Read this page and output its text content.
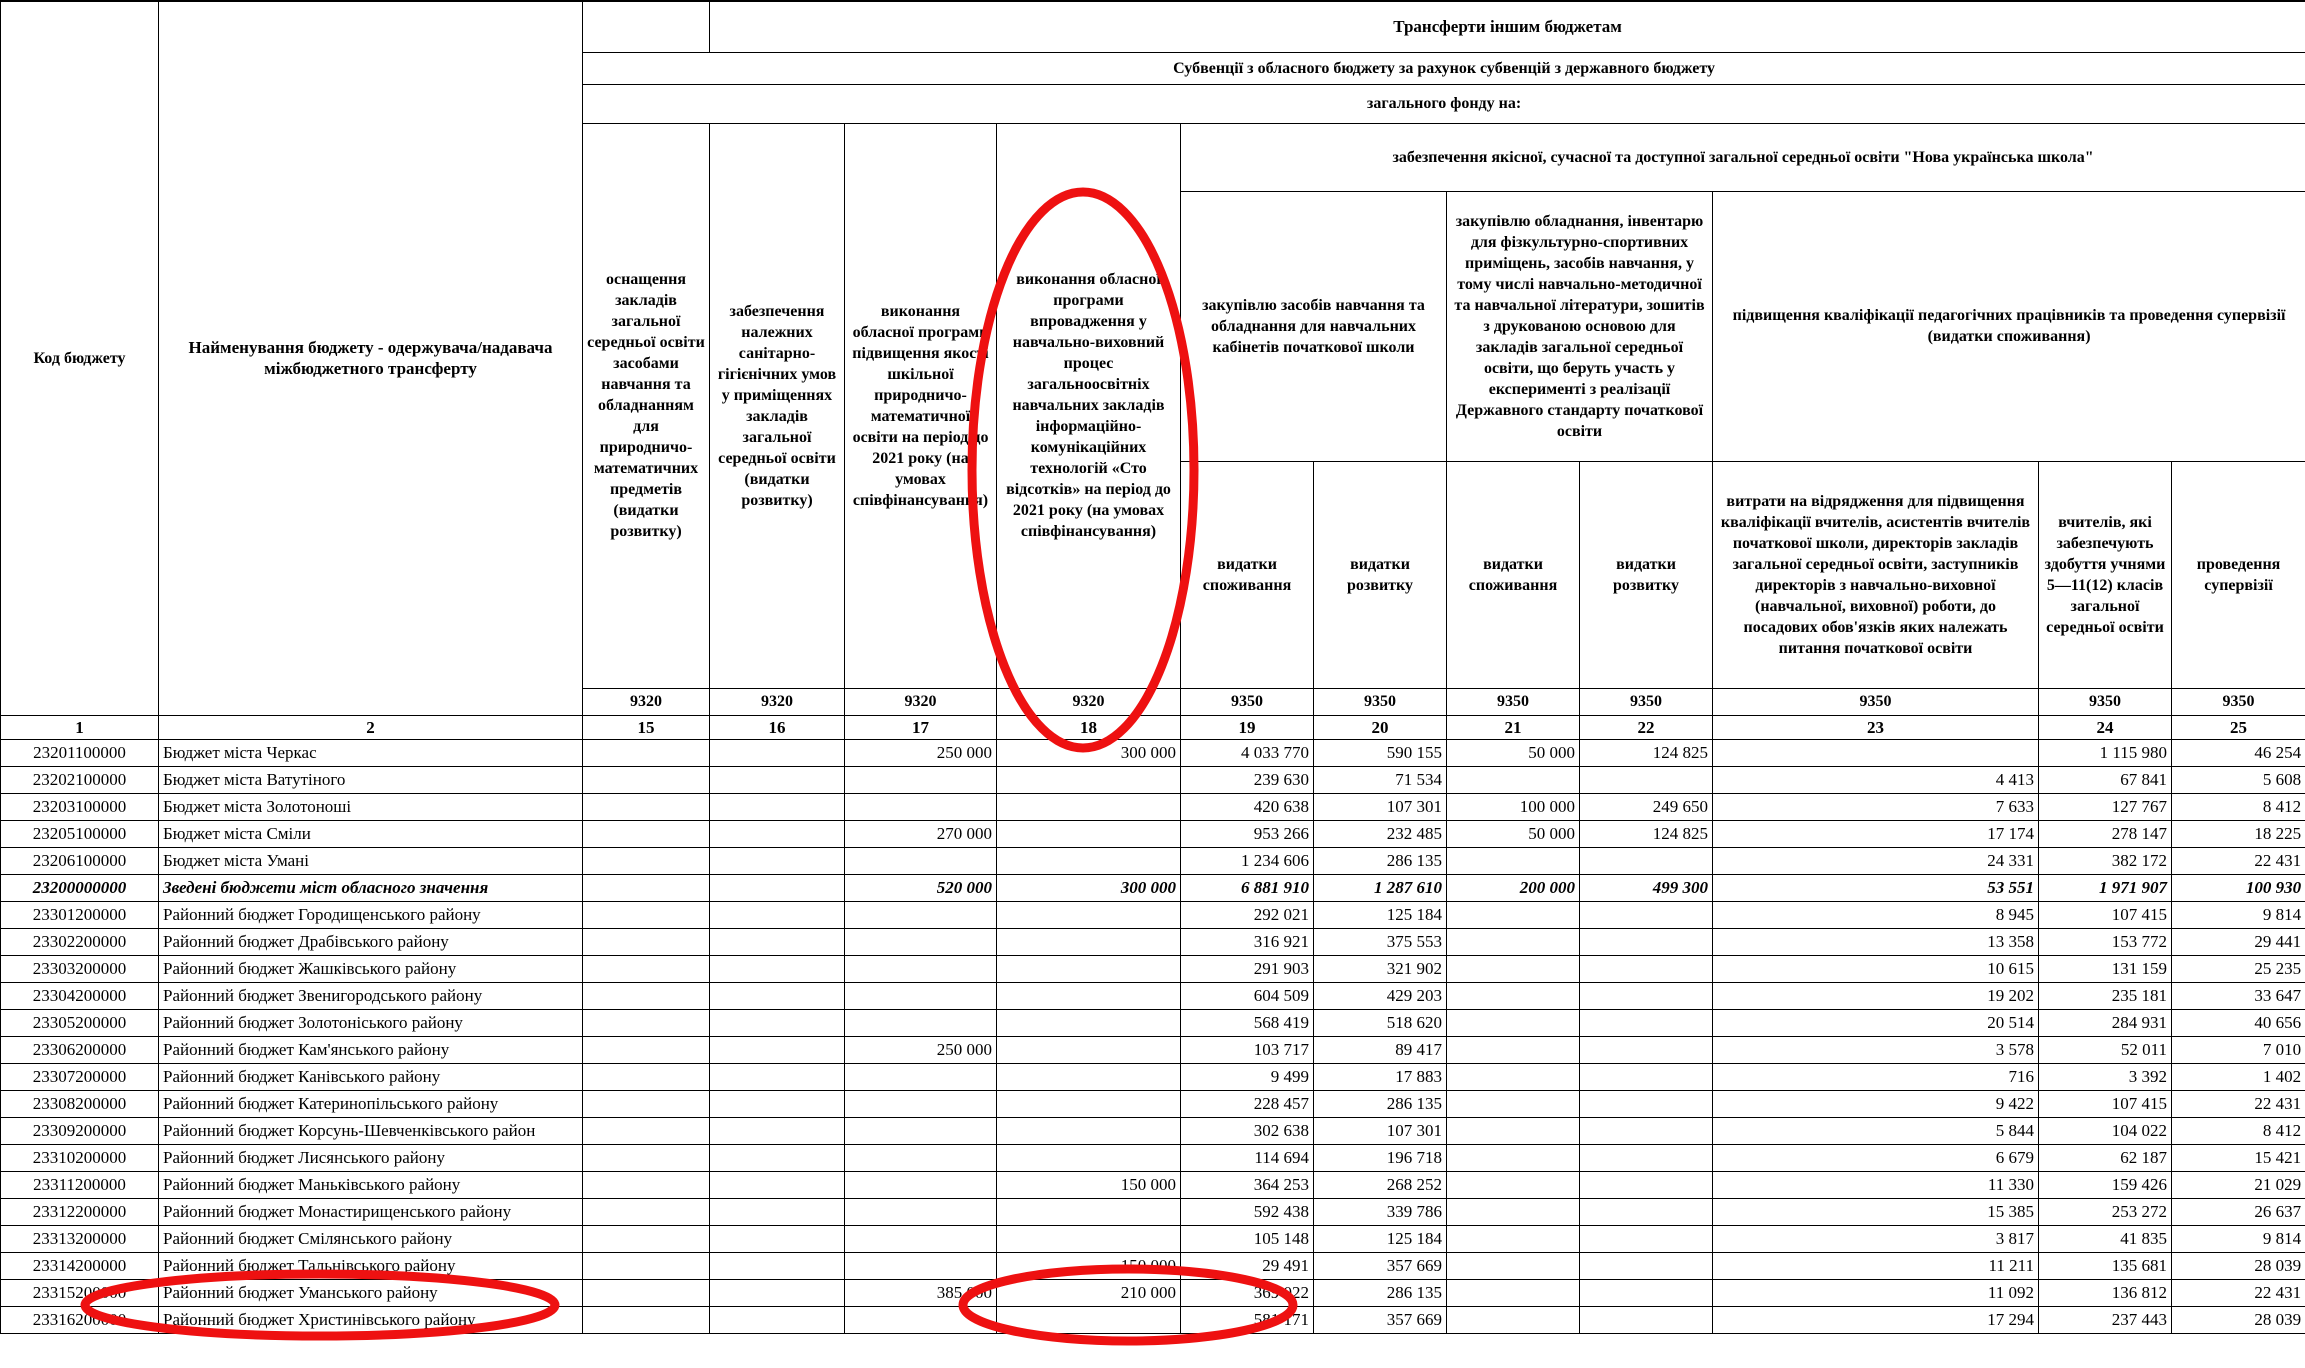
Код бюджету	Найменування бюджету - одержувача/надавача міжбюджетного трансферту		Трансферти іншим бюджетам									
		Субвенції з обласного бюджету за рахунок субвенцій з державного бюджету										
		загального фонду на:										
		оснащення закладів загальної середньої освіти засобами навчання та обладнанням для природничо-математичних предметів (видатки розвитку)	забезпечення належних санітарно-гігієнічних умов у приміщеннях закладів загальної середньої освіти (видатки розвитку)	виконання обласної програми підвищення якості шкільної природничо-математичної освіти на період до 2021 року (на умовах співфінансування)	виконання обласної програми впровадження у навчально-виховний процес загальноосвітніх навчальних закладів інформаційно-комунікаційних технологій «Сто відсотків» на період до 2021 року (на умовах співфінансування)	забезпечення якісної, сучасної та доступної загальної середньої освіти "Нова українська школа"						
						закупівлю засобів навчання та обладнання для навчальних кабінетів початкової школи		закупівлю обладнання, інвентарю для фізкультурно-спортивних приміщень, засобів навчання, у тому числі навчально-методичної та навчальної літератури, зошитів з друкованою основою для закладів загальної середньої освіти, що беруть участь у експерименті з реалізації Державного стандарту початкової освіти		підвищення кваліфікації педагогічних працівників та проведення супервізії (видатки споживання)		
						видатки споживання	видатки розвитку	видатки споживання	видатки розвитку	витрати на відрядження для підвищення кваліфікації вчителів, асистентів вчителів початкової школи, директорів закладів загальної середньої освіти, заступників директорів з навчально-виховної (навчальної, виховної) роботи, до посадових обов'язків яких належать питання початкової освіти	вчителів, які забезпечують здобуття учнями 5—11(12) класів загальної середньої освіти	проведення супервізії
		9320	9320	9320	9320	9350	9350	9350	9350	9350	9350	9350
1	2	15	16	17	18	19	20	21	22	23	24	25
23201100000	Бюджет міста Черкас			250 000	300 000	4 033 770	590 155	50 000	124 825		1 115 980	46 254
23202100000	Бюджет міста Ватутіного					239 630	71 534			4 413	67 841	5 608
23203100000	Бюджет міста Золотоноші					420 638	107 301	100 000	249 650	7 633	127 767	8 412
23205100000	Бюджет міста Сміли			270 000		953 266	232 485	50 000	124 825	17 174	278 147	18 225
23206100000	Бюджет міста Умані					1 234 606	286 135			24 331	382 172	22 431
23200000000	Зведені бюджети міст обласного значення			520 000	300 000	6 881 910	1 287 610	200 000	499 300	53 551	1 971 907	100 930
23301200000	Районний бюджет Городищенського району					292 021	125 184			8 945	107 415	9 814
23302200000	Районний бюджет Драбівського району					316 921	375 553			13 358	153 772	29 441
23303200000	Районний бюджет Жашківського району					291 903	321 902			10 615	131 159	25 235
23304200000	Районний бюджет Звенигородського району					604 509	429 203			19 202	235 181	33 647
23305200000	Районний бюджет Золотоніського району					568 419	518 620			20 514	284 931	40 656
23306200000	Районний бюджет Кам'янського району			250 000		103 717	89 417			3 578	52 011	7 010
23307200000	Районний бюджет Канівського району					9 499	17 883			716	3 392	1 402
23308200000	Районний бюджет Катеринопільського району					228 457	286 135			9 422	107 415	22 431
23309200000	Районний бюджет Корсунь-Шевченківського район					302 638	107 301			5 844	104 022	8 412
23310200000	Районний бюджет Лисянського району					114 694	196 718			6 679	62 187	15 421
23311200000	Районний бюджет Маньківського району				150 000	364 253	268 252			11 330	159 426	21 029
23312200000	Районний бюджет Монастирищенського району					592 438	339 786			15 385	253 272	26 637
23313200000	Районний бюджет Смілянського району					105 148	125 184			3 817	41 835	9 814
23314200000	Районний бюджет Тальнівського району				150 000	29 491	357 669			11 211	135 681	28 039
23315200000	Районний бюджет Уманського району			385 000	210 000	369 022	286 135			11 092	136 812	22 431
23316200000	Районний бюджет Христинівського району					581 171	357 669			17 294	237 443	28 039
